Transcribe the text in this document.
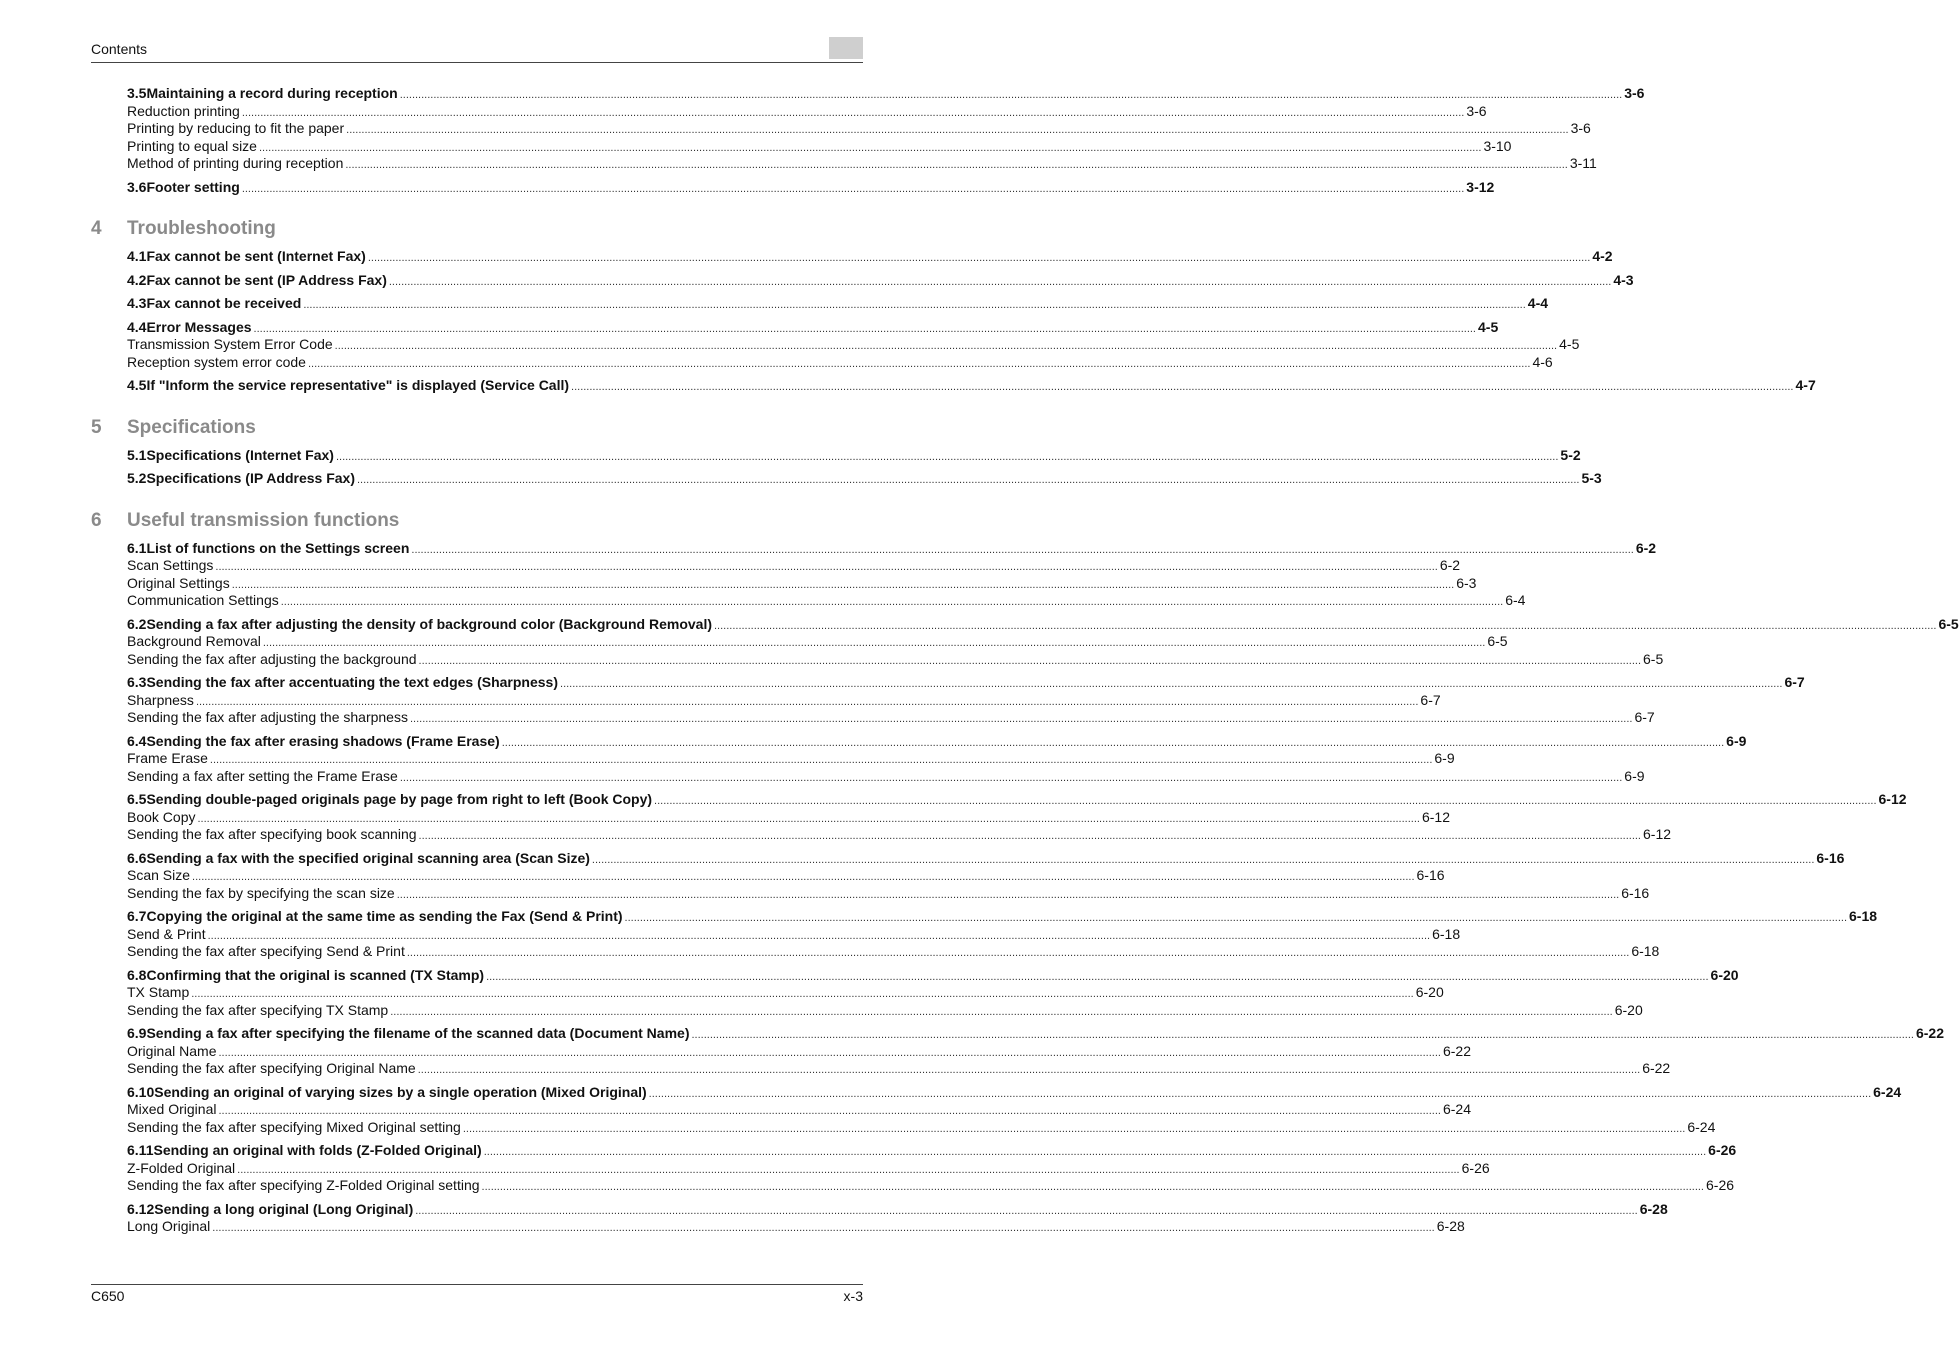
Contents
3.5 Maintaining a record during reception ................................................................................................................................................................................................................................................................................................................................................................................................................ 3-6
Reduction printing ................................................................................................................................................................................................................................................................................................................................................................................................................ 3-6
Printing by reducing to fit the paper ................................................................................................................................................................................................................................................................................................................................................................................................................ 3-6
Printing to equal size ................................................................................................................................................................................................................................................................................................................................................................................................................ 3-10
Method of printing during reception ................................................................................................................................................................................................................................................................................................................................................................................................................ 3-11
3.6 Footer setting ................................................................................................................................................................................................................................................................................................................................................................................................................ 3-12
4 Troubleshooting
4.1 Fax cannot be sent (Internet Fax) ................................................................................................................................................................................................................................................................................................................................................................................................................ 4-2
4.2 Fax cannot be sent (IP Address Fax) ................................................................................................................................................................................................................................................................................................................................................................................................................ 4-3
4.3 Fax cannot be received ................................................................................................................................................................................................................................................................................................................................................................................................................ 4-4
4.4 Error Messages ................................................................................................................................................................................................................................................................................................................................................................................................................ 4-5
Transmission System Error Code ................................................................................................................................................................................................................................................................................................................................................................................................................ 4-5
Reception system error code ................................................................................................................................................................................................................................................................................................................................................................................................................ 4-6
4.5 If "Inform the service representative" is displayed (Service Call) ................................................................................................................................................................................................................................................................................................................................................................................................................ 4-7
5 Specifications
5.1 Specifications (Internet Fax) ................................................................................................................................................................................................................................................................................................................................................................................................................ 5-2
5.2 Specifications (IP Address Fax) ................................................................................................................................................................................................................................................................................................................................................................................................................ 5-3
6 Useful transmission functions
6.1 List of functions on the Settings screen ................................................................................................................................................................................................................................................................................................................................................................................................................ 6-2
Scan Settings ................................................................................................................................................................................................................................................................................................................................................................................................................ 6-2
Original Settings ................................................................................................................................................................................................................................................................................................................................................................................................................ 6-3
Communication Settings ................................................................................................................................................................................................................................................................................................................................................................................................................ 6-4
6.2 Sending a fax after adjusting the density of background color (Background Removal) ................................................................................................................................................................................................................................................................................................................................................................................................................ 6-5
Background Removal ................................................................................................................................................................................................................................................................................................................................................................................................................ 6-5
Sending the fax after adjusting the background ................................................................................................................................................................................................................................................................................................................................................................................................................ 6-5
6.3 Sending the fax after accentuating the text edges (Sharpness) ................................................................................................................................................................................................................................................................................................................................................................................................................ 6-7
Sharpness ................................................................................................................................................................................................................................................................................................................................................................................................................ 6-7
Sending the fax after adjusting the sharpness ................................................................................................................................................................................................................................................................................................................................................................................................................ 6-7
6.4 Sending the fax after erasing shadows (Frame Erase) ................................................................................................................................................................................................................................................................................................................................................................................................................ 6-9
Frame Erase ................................................................................................................................................................................................................................................................................................................................................................................................................ 6-9
Sending a fax after setting the Frame Erase ................................................................................................................................................................................................................................................................................................................................................................................................................ 6-9
6.5 Sending double-paged originals page by page from right to left (Book Copy) ................................................................................................................................................................................................................................................................................................................................................................................................................ 6-12
Book Copy ................................................................................................................................................................................................................................................................................................................................................................................................................ 6-12
Sending the fax after specifying book scanning ................................................................................................................................................................................................................................................................................................................................................................................................................ 6-12
6.6 Sending a fax with the specified original scanning area (Scan Size) ................................................................................................................................................................................................................................................................................................................................................................................................................ 6-16
Scan Size ................................................................................................................................................................................................................................................................................................................................................................................................................ 6-16
Sending the fax by specifying the scan size ................................................................................................................................................................................................................................................................................................................................................................................................................ 6-16
6.7 Copying the original at the same time as sending the Fax (Send & Print) ................................................................................................................................................................................................................................................................................................................................................................................................................ 6-18
Send & Print ................................................................................................................................................................................................................................................................................................................................................................................................................ 6-18
Sending the fax after specifying Send & Print ................................................................................................................................................................................................................................................................................................................................................................................................................ 6-18
6.8 Confirming that the original is scanned (TX Stamp) ................................................................................................................................................................................................................................................................................................................................................................................................................ 6-20
TX Stamp ................................................................................................................................................................................................................................................................................................................................................................................................................ 6-20
Sending the fax after specifying TX Stamp ................................................................................................................................................................................................................................................................................................................................................................................................................ 6-20
6.9 Sending a fax after specifying the filename of the scanned data (Document Name) ................................................................................................................................................................................................................................................................................................................................................................................................................ 6-22
Original Name ................................................................................................................................................................................................................................................................................................................................................................................................................ 6-22
Sending the fax after specifying Original Name ................................................................................................................................................................................................................................................................................................................................................................................................................ 6-22
6.10 Sending an original of varying sizes by a single operation (Mixed Original) ................................................................................................................................................................................................................................................................................................................................................................................................................ 6-24
Mixed Original ................................................................................................................................................................................................................................................................................................................................................................................................................ 6-24
Sending the fax after specifying Mixed Original setting ................................................................................................................................................................................................................................................................................................................................................................................................................ 6-24
6.11 Sending an original with folds (Z-Folded Original) ................................................................................................................................................................................................................................................................................................................................................................................................................ 6-26
Z-Folded Original ................................................................................................................................................................................................................................................................................................................................................................................................................ 6-26
Sending the fax after specifying Z-Folded Original setting ................................................................................................................................................................................................................................................................................................................................................................................................................ 6-26
6.12 Sending a long original (Long Original) ................................................................................................................................................................................................................................................................................................................................................................................................................ 6-28
Long Original ................................................................................................................................................................................................................................................................................................................................................................................................................ 6-28
C650	x-3
